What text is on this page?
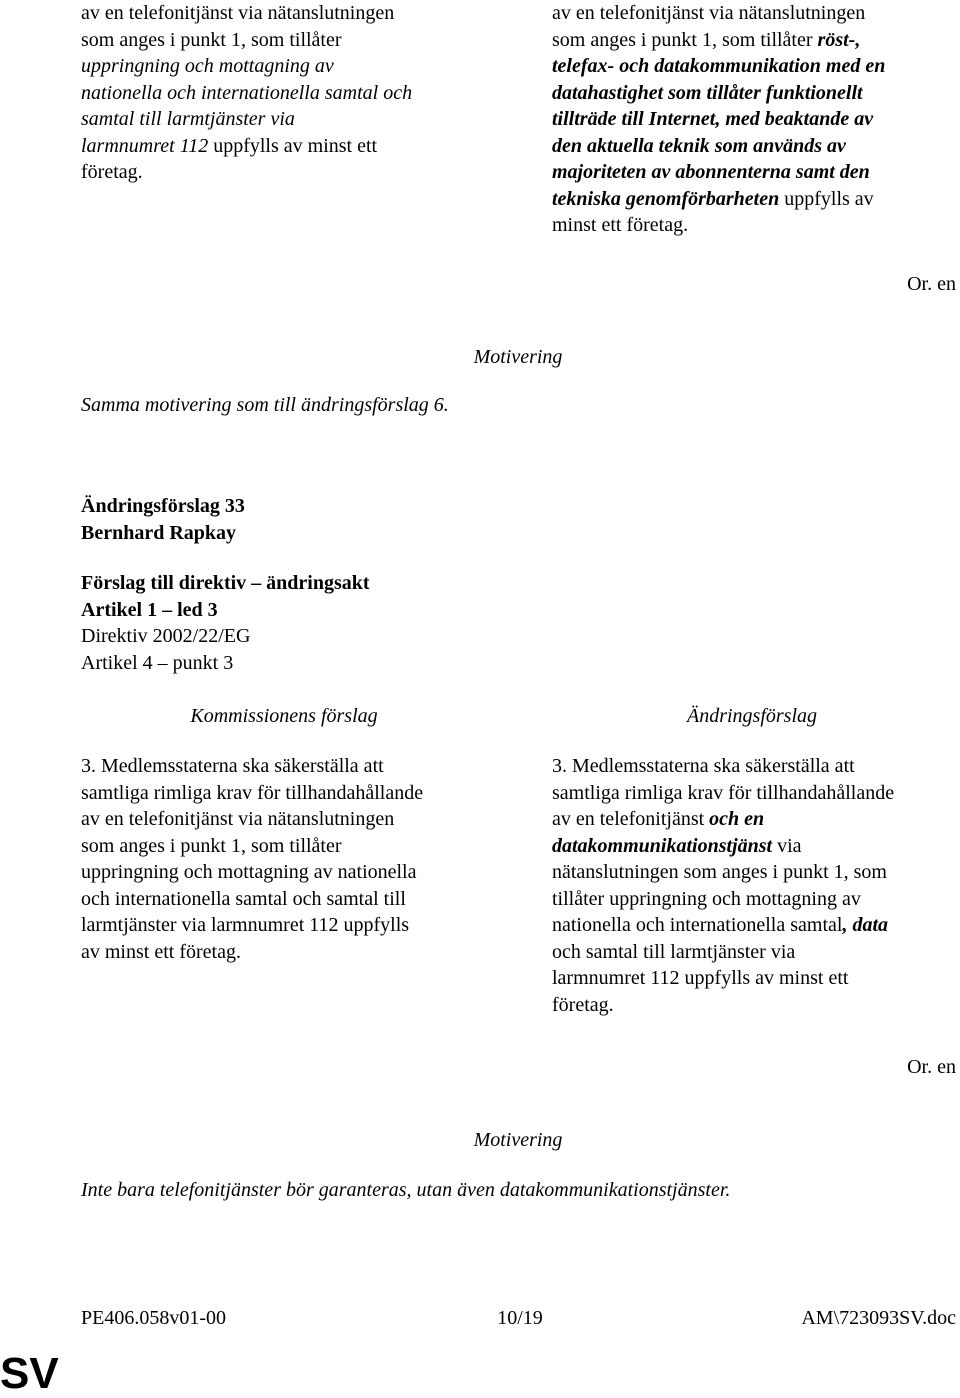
av en telefonitjänst via nätanslutningen
som anges i punkt 1, som tillåter
uppringning och mottagning av
nationella och internationella samtal och
samtal till larmtjänster via
larmnumret 112 uppfylls av minst ett
företag.
av en telefonitjänst via nätanslutningen
som anges i punkt 1, som tillåter röst-,
telefax- och datakommunikation med en
datahastighet som tillåter funktionellt
tillträde till Internet, med beaktande av
den aktuella teknik som används av
majoriteten av abonnenterna samt den
tekniska genomförbarheten uppfylls av
minst ett företag.
Or. en
Motivering
Samma motivering som till ändringsförslag 6.
Ändringsförslag 33
Bernhard Rapkay
Förslag till direktiv – ändringsakt
Artikel 1 – led 3
Direktiv 2002/22/EG
Artikel 4 – punkt 3
Kommissionens förslag	Ändringsförslag
3. Medlemsstaterna ska säkerställa att
samtliga rimliga krav för tillhandahållande
av en telefonitjänst via nätanslutningen
som anges i punkt 1, som tillåter
uppringning och mottagning av nationella
och internationella samtal och samtal till
larmtjänster via larmnumret 112 uppfylls
av minst ett företag.
3. Medlemsstaterna ska säkerställa att
samtliga rimliga krav för tillhandahållande
av en telefonitjänst och en
datakommunikationstjänst via
nätanslutningen som anges i punkt 1, som
tillåter uppringning och mottagning av
nationella och internationella samtal, data
och samtal till larmtjänster via
larmnumret 112 uppfylls av minst ett
företag.
Or. en
Motivering
Inte bara telefonitjänster bör garanteras, utan även datakommunikationstjänster.
PE406.058v01-00	10/19	AM\723093SV.doc
SV
